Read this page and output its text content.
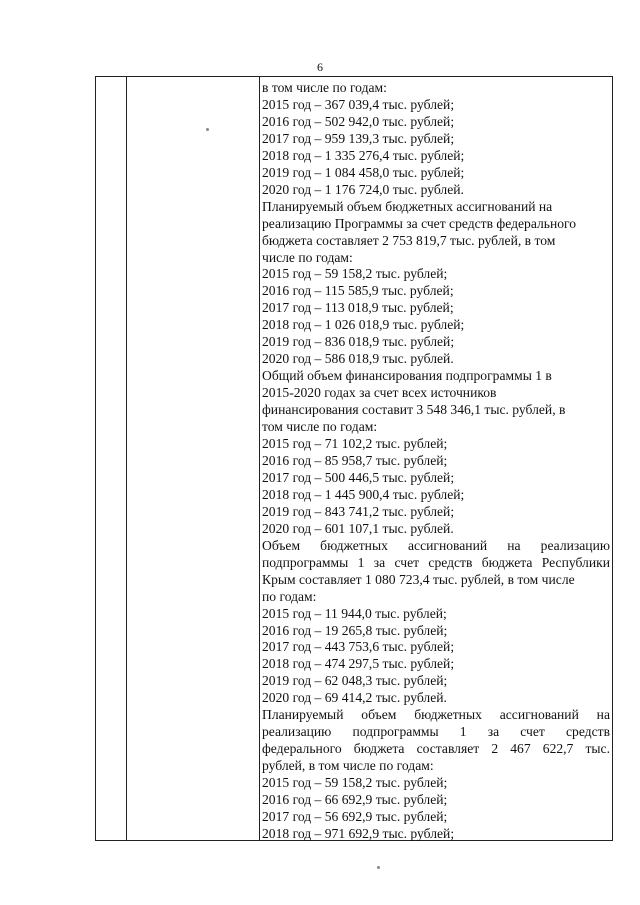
6
в том числе по годам:
2015 год – 367 039,4 тыс. рублей;
2016 год – 502 942,0 тыс. рублей;
2017 год – 959 139,3 тыс. рублей;
2018 год – 1 335 276,4 тыс. рублей;
2019 год – 1 084 458,0 тыс. рублей;
2020 год – 1 176 724,0 тыс. рублей.
Планируемый объем бюджетных ассигнований на
реализацию Программы за счет средств федерального
бюджета составляет 2 753 819,7 тыс. рублей, в том
числе по годам:
2015 год – 59 158,2 тыс. рублей;
2016 год – 115 585,9 тыс. рублей;
2017 год – 113 018,9 тыс. рублей;
2018 год – 1 026 018,9 тыс. рублей;
2019 год – 836 018,9 тыс. рублей;
2020 год – 586 018,9 тыс. рублей.
Общий объем финансирования подпрограммы 1 в
2015-2020 годах за счет всех источников
финансирования составит 3 548 346,1 тыс. рублей, в
том числе по годам:
2015 год – 71 102,2 тыс. рублей;
2016 год – 85 958,7 тыс. рублей;
2017 год – 500 446,5 тыс. рублей;
2018 год – 1 445 900,4 тыс. рублей;
2019 год – 843 741,2 тыс. рублей;
2020 год – 601 107,1 тыс. рублей.
Объем бюджетных ассигнований на реализацию
подпрограммы 1 за счет средств бюджета Республики
Крым составляет 1 080 723,4 тыс. рублей, в том числе
по годам:
2015 год – 11 944,0 тыс. рублей;
2016 год – 19 265,8 тыс. рублей;
2017 год – 443 753,6 тыс. рублей;
2018 год – 474 297,5 тыс. рублей;
2019 год – 62 048,3 тыс. рублей;
2020 год – 69 414,2 тыс. рублей.
Планируемый объем бюджетных ассигнований на
реализацию подпрограммы 1 за счет средств
федерального бюджета составляет 2 467 622,7 тыс.
рублей, в том числе по годам:
2015 год – 59 158,2 тыс. рублей;
2016 год – 66 692,9 тыс. рублей;
2017 год – 56 692,9 тыс. рублей;
2018 год – 971 692,9 тыс. рублей;
